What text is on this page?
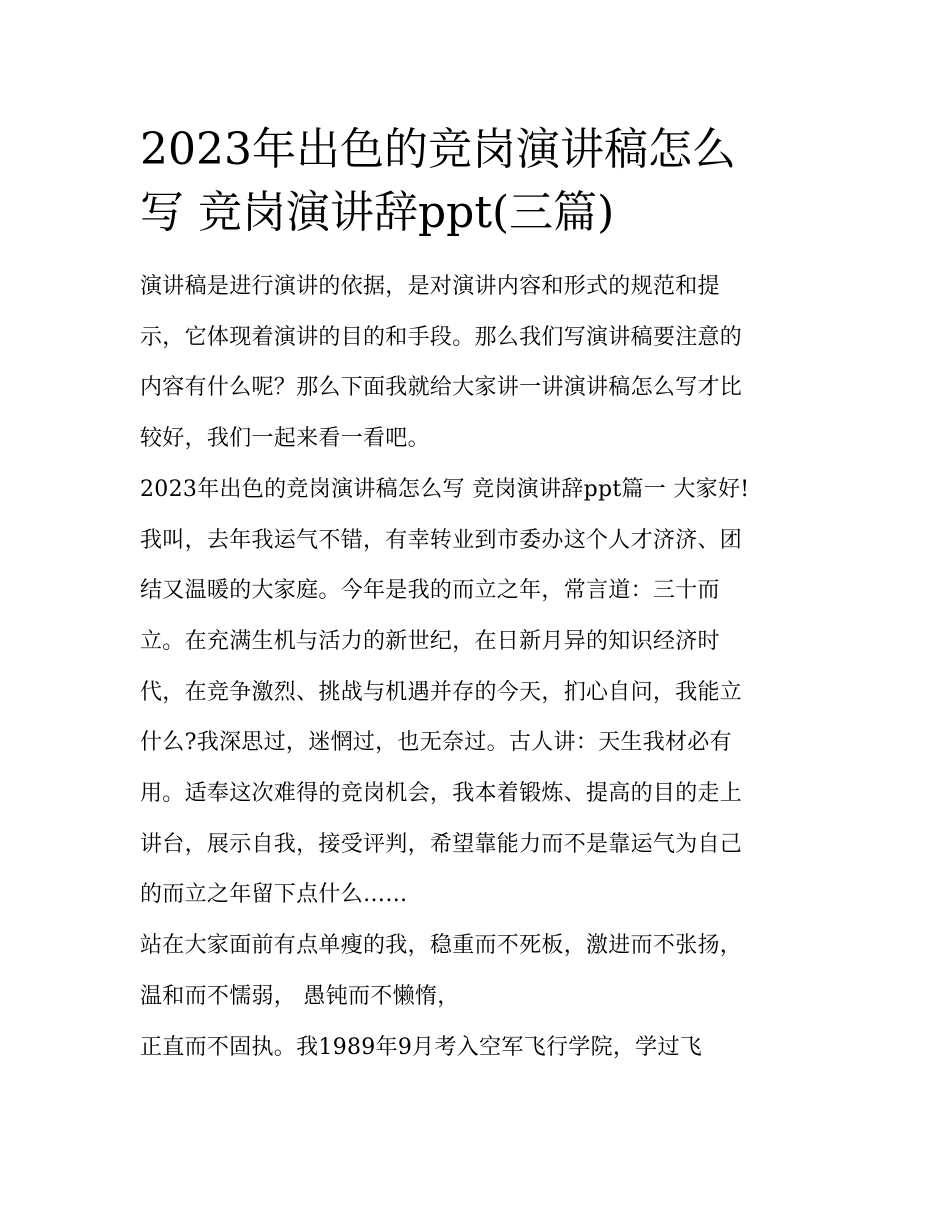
2023年出色的竞岗演讲稿怎么
写 竞岗演讲辞ppt(三篇)
演讲稿是进行演讲的依据，是对演讲内容和形式的规范和提
示，它体现着演讲的目的和手段。那么我们写演讲稿要注意的
内容有什么呢？那么下面我就给大家讲一讲演讲稿怎么写才比
较好，我们一起来看一看吧。
2023年出色的竞岗演讲稿怎么写 竞岗演讲辞ppt篇一 大家好!
我叫，去年我运气不错，有幸转业到市委办这个人才济济、团
结又温暖的大家庭。今年是我的而立之年，常言道：三十而
立。在充满生机与活力的新世纪，在日新月异的知识经济时
代，在竞争激烈、挑战与机遇并存的今天，扪心自问，我能立
什么?我深思过，迷惘过，也无奈过。古人讲：天生我材必有
用。适奉这次难得的竞岗机会，我本着锻炼、提高的目的走上
讲台，展示自我，接受评判，希望靠能力而不是靠运气为自己
的而立之年留下点什么……
站在大家面前有点单瘦的我，稳重而不死板，激进而不张扬，
温和而不懦弱， 愚钝而不懒惰，
正直而不固执。我1989年9月考入空军飞行学院，学过飞
